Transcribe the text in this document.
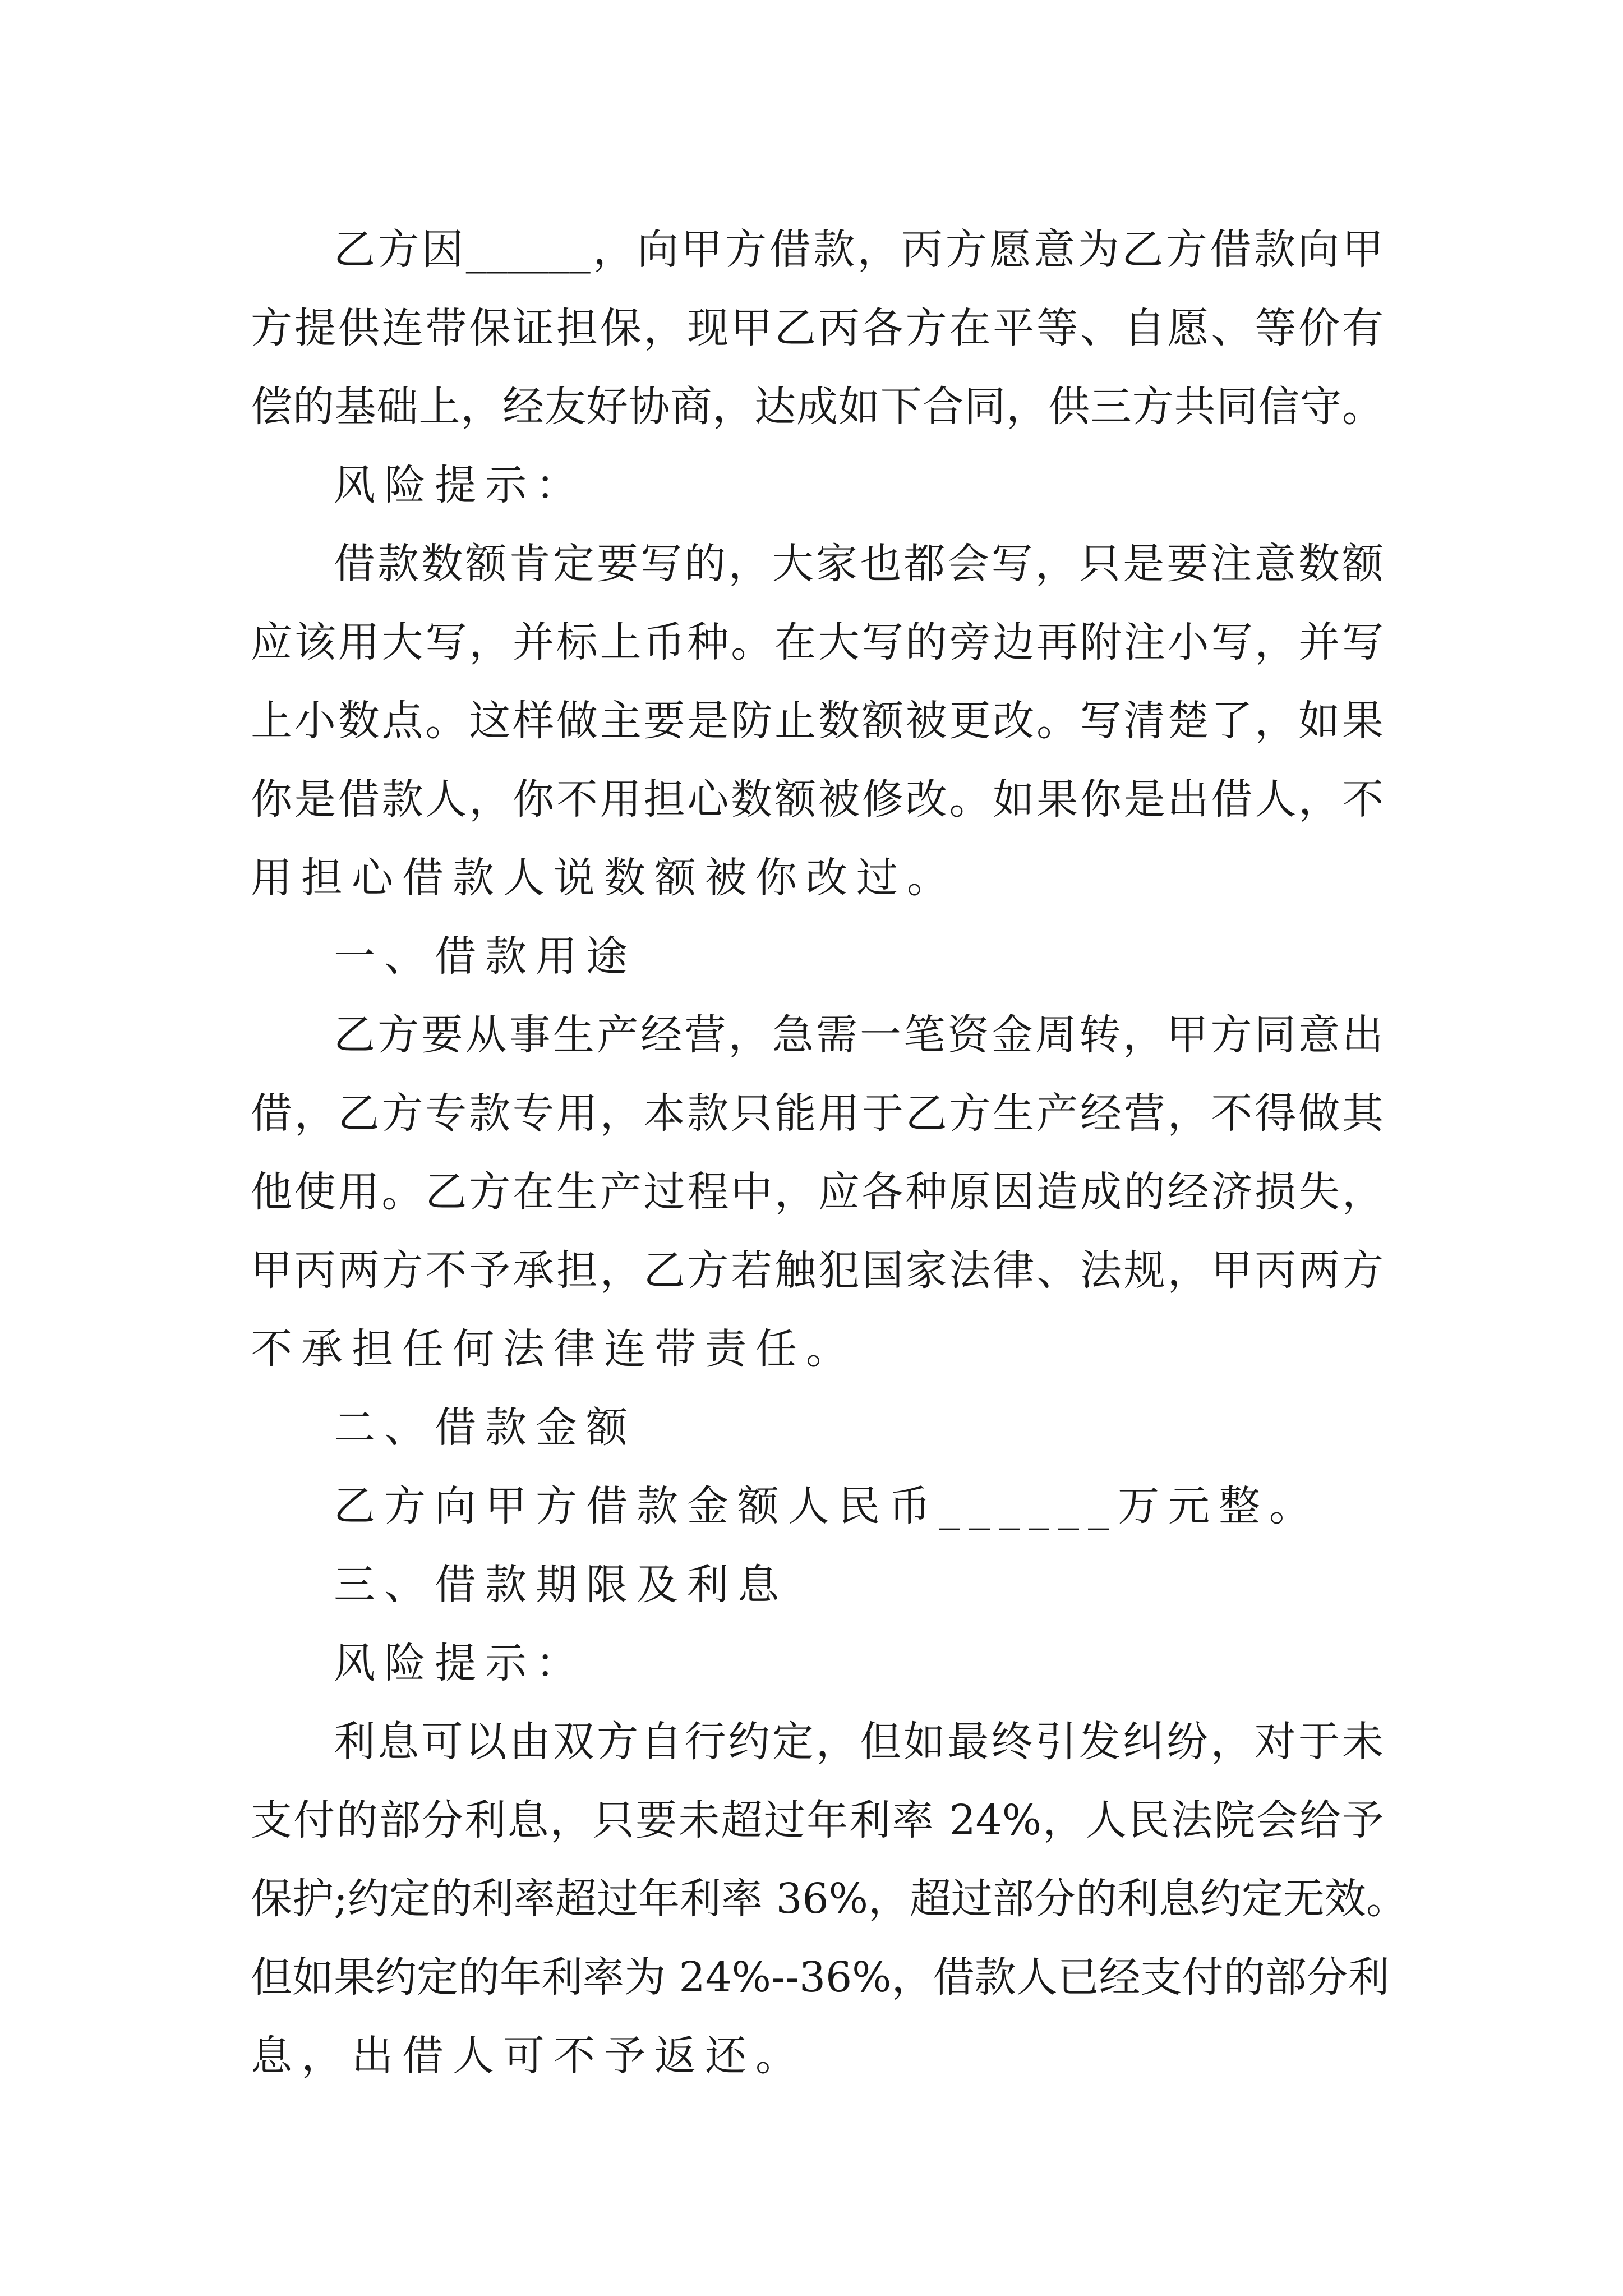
乙方因______，向甲方借款，丙方愿意为乙方借款向甲
方提供连带保证担保，现甲乙丙各方在平等、自愿、等价有
偿的基础上，经友好协商，达成如下合同，供三方共同信守。
风险提示：
借款数额肯定要写的，大家也都会写，只是要注意数额
应该用大写，并标上币种。在大写的旁边再附注小写，并写
上小数点。这样做主要是防止数额被更改。写清楚了，如果
你是借款人，你不用担心数额被修改。如果你是出借人，不
用担心借款人说数额被你改过。
一、借款用途
乙方要从事生产经营，急需一笔资金周转，甲方同意出
借，乙方专款专用，本款只能用于乙方生产经营，不得做其
他使用。乙方在生产过程中，应各种原因造成的经济损失，
甲丙两方不予承担，乙方若触犯国家法律、法规，甲丙两方
不承担任何法律连带责任。
二、借款金额
乙方向甲方借款金额人民币______万元整。
三、借款期限及利息
风险提示：
利息可以由双方自行约定，但如最终引发纠纷，对于未
支付的部分利息，只要未超过年利率 24%，人民法院会给予
保护;约定的利率超过年利率 36%，超过部分的利息约定无效。
但如果约定的年利率为 24%--36%，借款人已经支付的部分利
息，出借人可不予返还。
